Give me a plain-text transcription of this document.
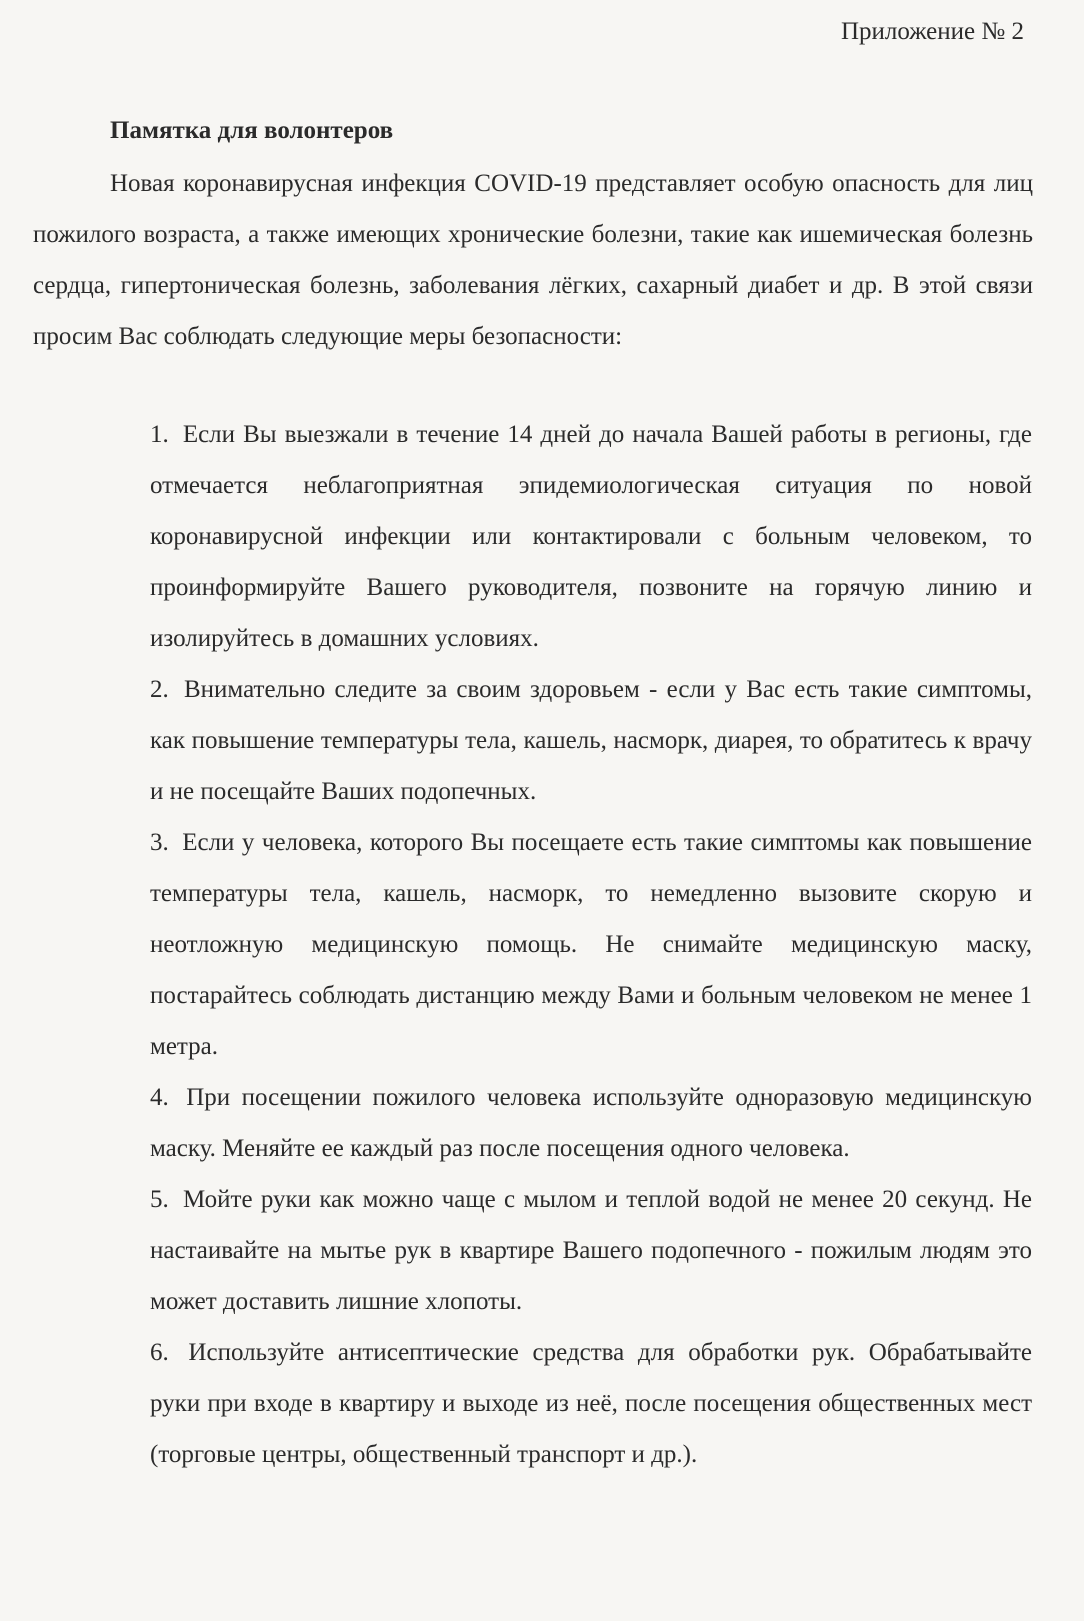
Приложение № 2

Памятка для волонтеров

Новая коронавирусная инфекция COVID-19 представляет особую опасность для лиц пожилого возраста, а также имеющих хронические болезни, такие как ишемическая болезнь сердца, гипертоническая болезнь, заболевания лёгких, сахарный диабет и др. В этой связи просим Вас соблюдать следующие меры безопасности:

1. Если Вы выезжали в течение 14 дней до начала Вашей работы в регионы, где отмечается неблагоприятная эпидемиологическая ситуация по новой коронавирусной инфекции или контактировали с больным человеком, то проинформируйте Вашего руководителя, позвоните на горячую линию и изолируйтесь в домашних условиях.
2. Внимательно следите за своим здоровьем - если у Вас есть такие симптомы, как повышение температуры тела, кашель, насморк, диарея, то обратитесь к врачу и не посещайте Ваших подопечных.
3. Если у человека, которого Вы посещаете есть такие симптомы как повышение температуры тела, кашель, насморк, то немедленно вызовите скорую и неотложную медицинскую помощь. Не снимайте медицинскую маску, постарайтесь соблюдать дистанцию между Вами и больным человеком не менее 1 метра.
4. При посещении пожилого человека используйте одноразовую медицинскую маску. Меняйте ее каждый раз после посещения одного человека.
5. Мойте руки как можно чаще с мылом и теплой водой не менее 20 секунд. Не настаивайте на мытье рук в квартире Вашего подопечного - пожилым людям это может доставить лишние хлопоты.
6. Используйте антисептические средства для обработки рук. Обрабатывайте руки при входе в квартиру и выходе из неё, после посещения общественных мест (торговые центры, общественный транспорт и др.).
